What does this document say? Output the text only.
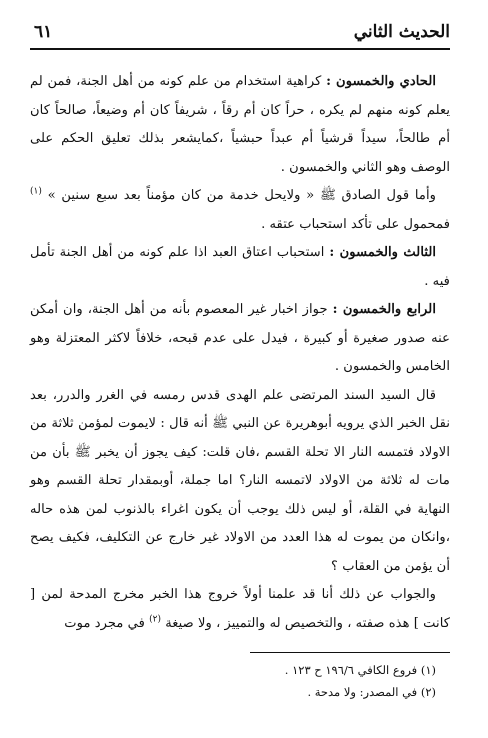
الحديث الثاني
٦١

الحادي والخمسون : كراهية استخدام من علم كونه من أهل الجنة، فمن لم يعلم كونه منهم لم يكره ، حراً كان أم رقاً ، شريفاً كان أم وضيعاً، صالحاً كان أم طالحاً، سيداً قرشياً أم عبداً حبشياً ،كمايشعر بذلك تعليق الحكم على الوصف وهو الثاني والخمسون .

وأما قول الصادق ﷺ « ولايحل خدمة من كان مؤمناً بعد سبع سنين » $^{(١)}$ فمحمول على تأكد استحباب عتقه .

الثالث والخمسون : استحباب اعتاق العبد اذا علم كونه من أهل الجنة تأمل فيه .

الرابع والخمسون : جواز اخبار غير المعصوم بأنه من أهل الجنة، وان أمكن عنه صدور صغيرة أو كبيرة ، فيدل على عدم قبحه، خلافاً لاكثر المعتزلة وهو الخامس والخمسون .

قال السيد السند المرتضى علم الهدى قدس رمسه في الغرر والدرر، بعد نقل الخبر الذي يرويه أبوهريرة عن النبي ﷺ أنه قال : لايموت لمؤمن ثلاثة من الاولاد فتمسه النار الا تحلة القسم ،فان قلت: كيف يجوز أن يخبر ﷺ بأن من مات له ثلاثة من الاولاد لاتمسه النار؟ اما جملة، أوبمقدار تحلة القسم وهو النهاية في القلة، أو ليس ذلك يوجب أن يكون اغراء بالذنوب لمن هذه حاله ،وانكان من يموت له هذا العدد من الاولاد غير خارج عن التكليف، فكيف يصح أن يؤمن من العقاب ؟

والجواب عن ذلك أنا قد علمنا أولاً خروج هذا الخبر مخرج المدحة لمن [ كانت ] هذه صفته ، والتخصيص له والتمييز ، ولا صيغة $^{(٢)}$ في مجرد موت

(١) فروع الكافي ١٩٦/٦ ح ١٢٣ .

(٢) في المصدر: ولا مدحة .
